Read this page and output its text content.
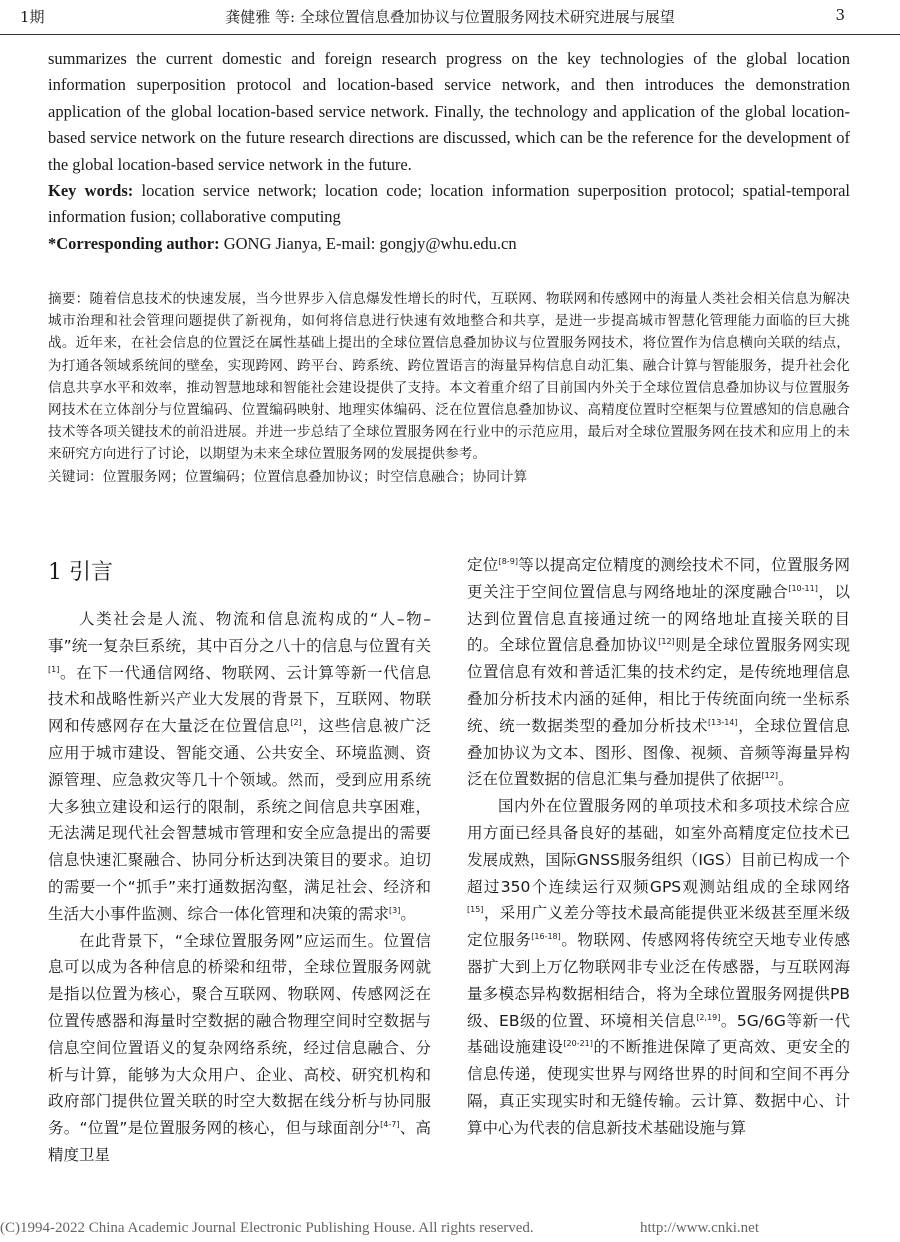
1期	龚健雅 等: 全球位置信息叠加协议与位置服务网技术研究进展与展望	3

summarizes the current domestic and foreign research progress on the key technologies of the global location information superposition protocol and location-based service network, and then introduces the demonstration application of the global location-based service network. Finally, the technology and application of the global location-based service network on the future research directions are discussed, which can be the reference for the development of the global location-based service network in the future.

Key words: location service network; location code; location information superposition protocol; spatial-temporal information fusion; collaborative computing

*Corresponding author: GONG Jianya, E-mail: gongjy@whu.edu.cn

摘要：随着信息技术的快速发展，当今世界步入信息爆发性增长的时代，互联网、物联网和传感网中的海量人类社会相关信息为解决城市治理和社会管理问题提供了新视角，如何将信息进行快速有效地整合和共享，是进一步提高城市智慧化管理能力面临的巨大挑战。近年来，在社会信息的位置泛在属性基础上提出的全球位置信息叠加协议与位置服务网技术，将位置作为信息横向关联的结点，为打通各领域系统间的壁垒，实现跨网、跨平台、跨系统、跨位置语言的海量异构信息自动汇集、融合计算与智能服务，提升社会化信息共享水平和效率，推动智慧地球和智能社会建设提供了支持。本文着重介绍了目前国内外关于全球位置信息叠加协议与位置服务网技术在立体剖分与位置编码、位置编码映射、地理实体编码、泛在位置信息叠加协议、高精度位置时空框架与位置感知的信息融合技术等各项关键技术的前沿进展。并进一步总结了全球位置服务网在行业中的示范应用，最后对全球位置服务网在技术和应用上的未来研究方向进行了讨论，以期望为未来全球位置服务网的发展提供参考。

关键词：位置服务网；位置编码；位置信息叠加协议；时空信息融合；协同计算

1 引言

人类社会是人流、物流和信息流构成的“人–物–事”统一复杂巨系统，其中百分之八十的信息与位置有关[1]。在下一代通信网络、物联网、云计算等新一代信息技术和战略性新兴产业大发展的背景下，互联网、物联网和传感网存在大量泛在位置信息[2]，这些信息被广泛应用于城市建设、智能交通、公共安全、环境监测、资源管理、应急救灾等几十个领域。然而，受到应用系统大多独立建设和运行的限制，系统之间信息共享困难，无法满足现代社会智慧城市管理和安全应急提出的需要信息快速汇聚融合、协同分析达到决策目的要求。迫切的需要一个“抓手”来打通数据沟壑，满足社会、经济和生活大小事件监测、综合一体化管理和决策的需求[3]。

在此背景下，“全球位置服务网”应运而生。位置信息可以成为各种信息的桥梁和纽带，全球位置服务网就是指以位置为核心，聚合互联网、物联网、传感网泛在位置传感器和海量时空数据的融合物理空间时空数据与信息空间位置语义的复杂网络系统，经过信息融合、分析与计算，能够为大众用户、企业、高校、研究机构和政府部门提供位置关联的时空大数据在线分析与协同服务。“位置”是位置服务网的核心，但与球面剖分[4-7]、高精度卫星

定位[8-9]等以提高定位精度的测绘技术不同，位置服务网更关注于空间位置信息与网络地址的深度融合[10-11]，以达到位置信息直接通过统一的网络地址直接关联的目的。全球位置信息叠加协议[12]则是全球位置服务网实现位置信息有效和普适汇集的技术约定，是传统地理信息叠加分析技术内涵的延伸，相比于传统面向统一坐标系统、统一数据类型的叠加分析技术[13-14]，全球位置信息叠加协议为文本、图形、图像、视频、音频等海量异构泛在位置数据的信息汇集与叠加提供了依据[12]。

国内外在位置服务网的单项技术和多项技术综合应用方面已经具备良好的基础，如室外高精度定位技术已发展成熟，国际GNSS服务组织（IGS）目前已构成一个超过350个连续运行双频GPS观测站组成的全球网络[15]，采用广义差分等技术最高能提供亚米级甚至厘米级定位服务[16-18]。物联网、传感网将传统空天地专业传感器扩大到上万亿物联网非专业泛在传感器，与互联网海量多模态异构数据相结合，将为全球位置服务网提供PB级、EB级的位置、环境相关信息[2,19]。5G/6G等新一代基础设施建设[20-21]的不断推进保障了更高效、更安全的信息传递，使现实世界与网络世界的时间和空间不再分隔，真正实现实时和无缝传输。云计算、数据中心、计算中心为代表的信息新技术基础设施与算

(C)1994-2022 China Academic Journal Electronic Publishing House. All rights reserved.	http://www.cnki.net
